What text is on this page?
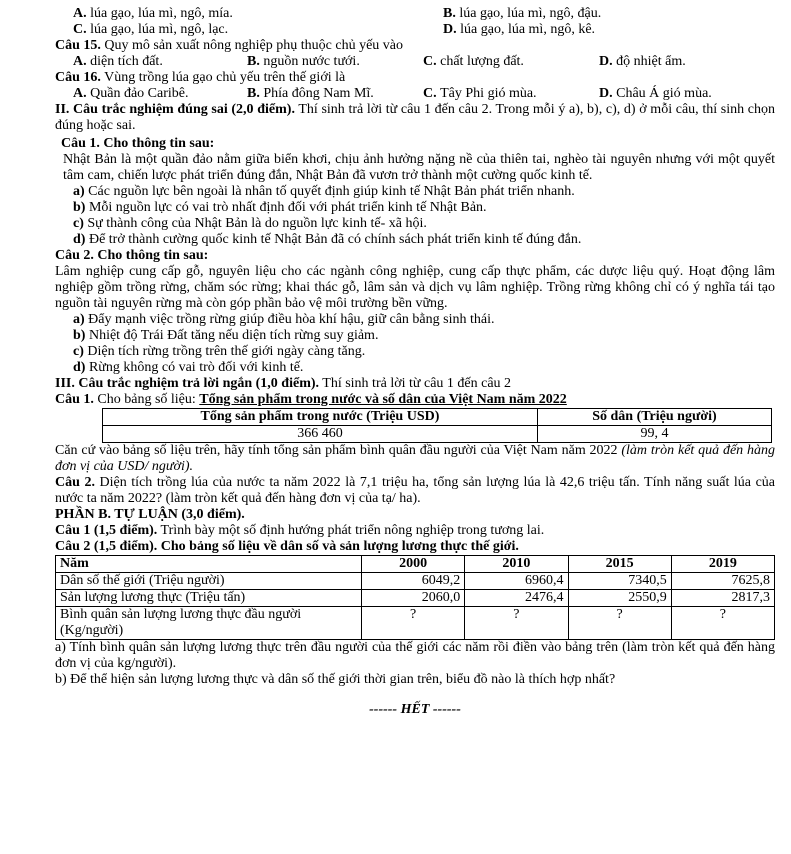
A. lúa gạo, lúa mì, ngô, mía.	B. lúa gạo, lúa mì, ngô, đậu.
C. lúa gạo, lúa mì, ngô, lạc.	D. lúa gạo, lúa mì, ngô, kê.

Câu 15. Quy mô sản xuất nông nghiệp phụ thuộc chủ yếu vào

A. diện tích đất.	B. nguồn nước tưới.	C. chất lượng đất.	D. độ nhiệt ẩm.

Câu 16. Vùng trồng lúa gạo chủ yếu trên thế giới là

A. Quần đảo Caribê.	B. Phía đông Nam Mĩ.	C. Tây Phi gió mùa.	D. Châu Á gió mùa.

II. Câu trắc nghiệm đúng sai (2,0 điểm). Thí sinh trả lời từ câu 1 đến câu 2. Trong mỗi ý a), b), c), d) ở mỗi câu, thí sinh chọn đúng hoặc sai.

Câu 1. Cho thông tin sau:

Nhật Bản là một quần đảo nằm giữa biển khơi, chịu ảnh hưởng nặng nề của thiên tai, nghèo tài nguyên nhưng với một quyết tâm cam, chiến lược phát triển đúng đắn, Nhật Bản đã vươn trở thành một cường quốc kinh tế.

a) Các nguồn lực bên ngoài là nhân tố quyết định giúp kinh tế Nhật Bản phát triển nhanh.

b) Mỗi nguồn lực có vai trò nhất định đối với phát triển kinh tế Nhật Bản.

c) Sự thành công của Nhật Bản là do nguồn lực kinh tế- xã hội.

d) Để trở thành cường quốc kinh tế Nhật Bản đã có chính sách phát triển kinh tế đúng đắn.

Câu 2. Cho thông tin sau:

Lâm nghiệp cung cấp gỗ, nguyên liệu cho các ngành công nghiệp, cung cấp thực phẩm, các dược liệu quý. Hoạt động lâm nghiệp gồm trồng rừng, chăm sóc rừng; khai thác gỗ, lâm sản và dịch vụ lâm nghiệp. Trồng rừng không chỉ có ý nghĩa tái tạo nguồn tài nguyên rừng mà còn góp phần bảo vệ môi trường bền vững.

a) Đẩy mạnh việc trồng rừng giúp điều hòa khí hậu, giữ cân bằng sinh thái.

b) Nhiệt độ Trái Đất tăng nếu diện tích rừng suy giảm.

c) Diện tích rừng trồng trên thế giới ngày càng tăng.

d) Rừng không có vai trò đối với kinh tế.

III. Câu trắc nghiệm trả lời ngắn (1,0 điểm). Thí sinh trả lời từ câu 1 đến câu 2

Câu 1. Cho bảng số liệu: Tổng sản phẩm trong nước và số dân của Việt Nam năm 2022

Tổng sản phẩm trong nước (Triệu USD)	Số dân (Triệu người)
366 460	99, 4

Căn cứ vào bảng số liệu trên, hãy tính tổng sản phẩm bình quân đầu người của Việt Nam năm 2022 (làm tròn kết quả đến hàng đơn vị của USD/ người).

Câu 2. Diện tích trồng lúa của nước ta năm 2022 là 7,1 triệu ha, tổng sản lượng lúa là 42,6 triệu tấn. Tính năng suất lúa của nước ta năm 2022? (làm tròn kết quả đến hàng đơn vị của tạ/ ha).

PHẦN B. TỰ LUẬN (3,0 điểm).

Câu 1 (1,5 điểm). Trình bày một số định hướng phát triển nông nghiệp trong tương lai.

Câu 2 (1,5 điểm). Cho bảng số liệu về dân số và sản lượng lương thực thế giới.

Năm	2000	2010	2015	2019
Dân số thế giới (Triệu người)	6049,2	6960,4	7340,5	7625,8
Sản lượng lương thực (Triệu tấn)	2060,0	2476,4	2550,9	2817,3
Bình quân sản lượng lương thực đầu người (Kg/người)	?	?	?	?

a) Tính bình quân sản lượng lương thực trên đầu người của thế giới các năm rồi điền vào bảng trên (làm tròn kết quả đến hàng đơn vị của kg/người).

b) Để thể hiện sản lượng lương thực và dân số thế giới thời gian trên, biểu đồ nào là thích hợp nhất?

------ HẾT ------
